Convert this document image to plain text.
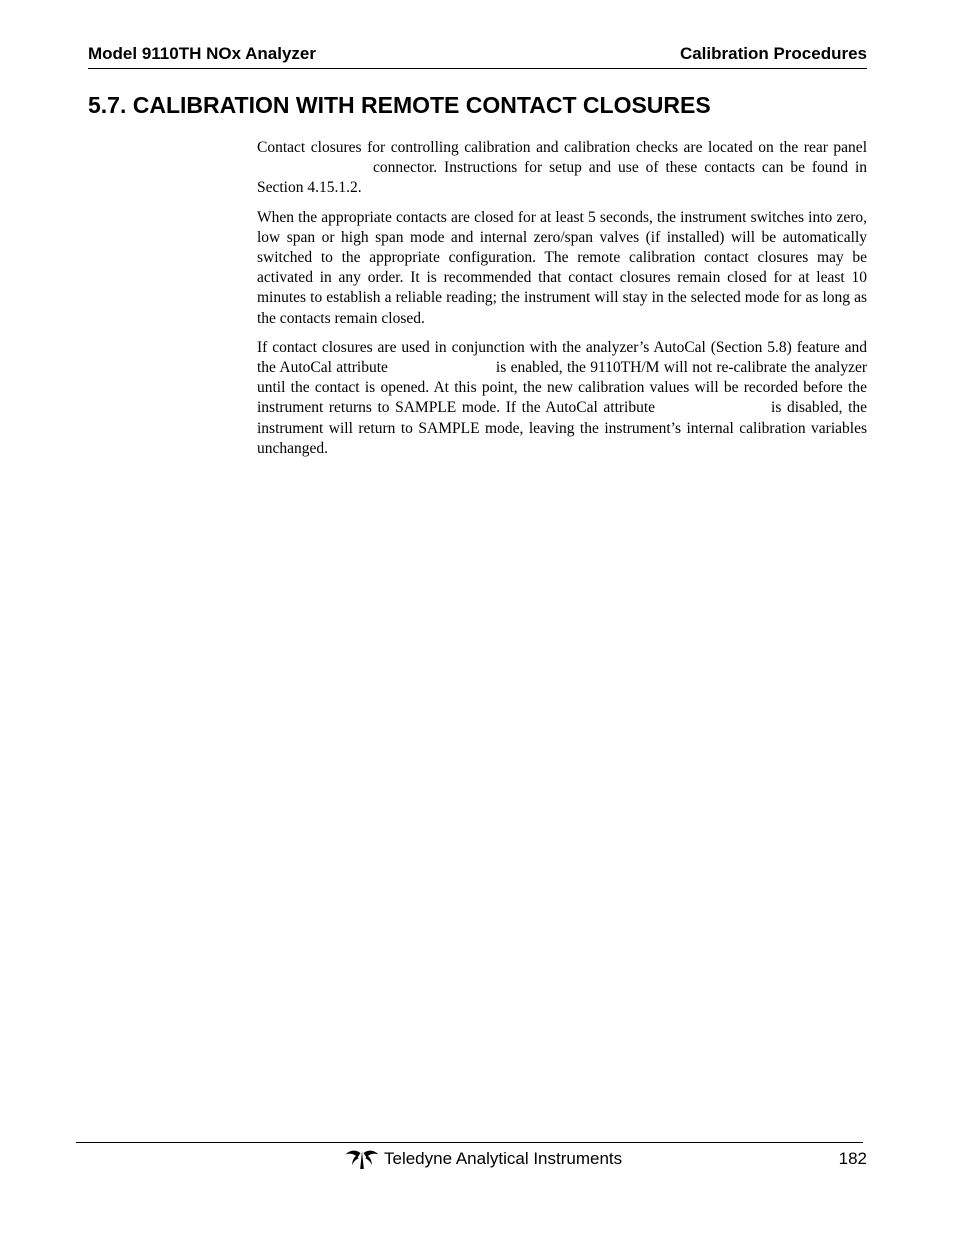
Model 9110TH NOx Analyzer	Calibration Procedures
5.7. CALIBRATION WITH REMOTE CONTACT CLOSURES

Contact closures for controlling calibration and calibration checks are located on the rear panelconnector. Instructions for setup and use of these contacts can be found in Section 4.15.1.2.

When the appropriate contacts are closed for at least 5 seconds, the instrument switches into zero, low span or high span mode and internal zero/span valves (if installed) will be automatically switched to the appropriate configuration. The remote calibration contact closures may be activated in any order. It is recommended that contact closures remain closed for at least 10 minutes to establish a reliable reading; the instrument will stay in the selected mode for as long as the contacts remain closed.

If contact closures are used in conjunction with the analyzer’s AutoCal (Section 5.8) feature and the AutoCal attribute	is enabled, the 9110TH/M will not re-calibrate the analyzer until the contact is opened. At this point, the new calibration values will be recorded before the instrument returns to SAMPLE mode. If the AutoCal attribute	is disabled, the instrument will return to SAMPLE mode, leaving the instrument’s internal calibration variables unchanged.

Teledyne Analytical Instruments	182
